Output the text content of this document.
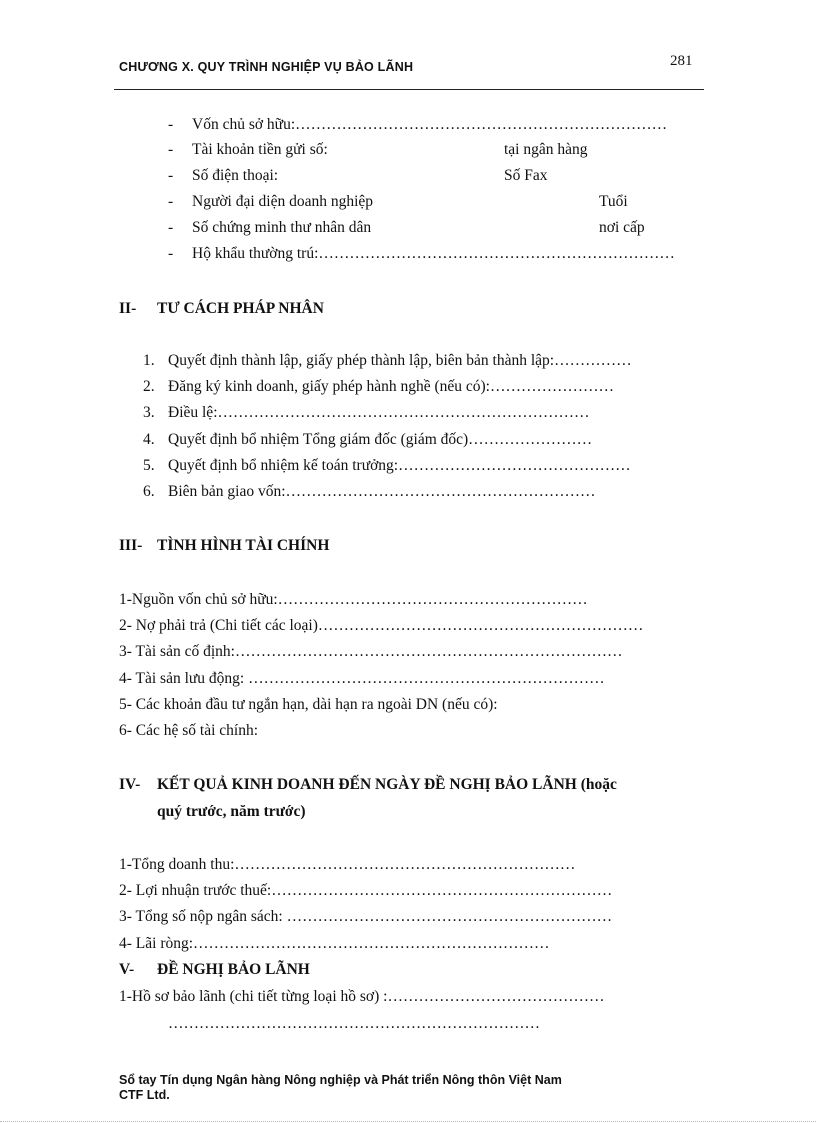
CHƯƠNG X. QUY TRÌNH NGHIỆP VỤ BẢO LÃNH	281
- Vốn chủ sở hữu:………………………………………………………………
- Tài khoản tiền gửi số:	tại ngân hàng
- Số điện thoại:	Số Fax
- Người đại diện doanh nghiệp	Tuổi
- Số chứng minh thư nhân dân	nơi cấp
- Hộ khẩu thường trú:……………………………………………………………
II- TƯ CÁCH PHÁP NHÂN
1. Quyết định thành lập, giấy phép thành lập, biên bản thành lập:……………
2. Đăng ký kinh doanh, giấy phép hành nghề (nếu có):……………………
3. Điều lệ:………………………………………………………………
4. Quyết định bổ nhiệm Tổng giám đốc (giám đốc)……………………
5. Quyết định bổ nhiệm kế toán trưởng:………………………………………
6. Biên bản giao vốn:……………………………………………………
III- TÌNH HÌNH TÀI CHÍNH
1-Nguồn vốn chủ sở hữu:……………………………………………………
2- Nợ phải trả (Chi tiết các loại)………………………………………………………
3- Tài sản cố định:…………………………………………………………………
4- Tài sản lưu động: ……………………………………………………………
5- Các khoản đầu tư ngắn hạn, dài hạn ra ngoài DN (nếu có):
6- Các hệ số tài chính:
IV- KẾT QUẢ KINH DOANH ĐẾN NGÀY ĐỀ NGHỊ BẢO LÃNH (hoặc
quý trước, năm trước)
1-Tổng doanh thu:…………………………………………………………
2- Lợi nhuận trước thuế:…………………………………………………………
3- Tổng số nộp ngân sách: ………………………………………………………
4- Lãi ròng:……………………………………………………………
V- ĐỀ NGHỊ BẢO LÃNH
1-Hồ sơ bảo lãnh (chi tiết từng loại hồ sơ) :……………………………………
………………………………………………………………
Sổ tay Tín dụng Ngân hàng Nông nghiệp và Phát triển Nông thôn Việt Nam
CTF Ltd.
